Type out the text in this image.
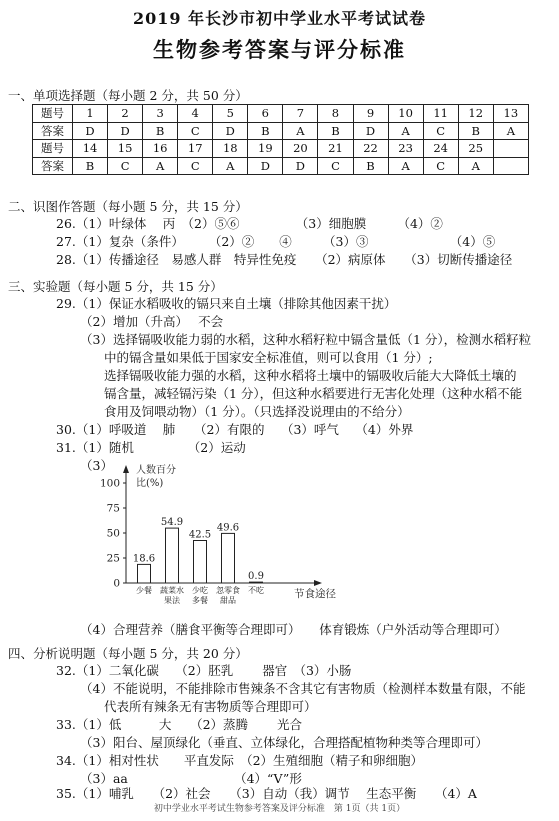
2019 年长沙市初中学业水平考试试卷
生物参考答案与评分标准
一、单项选择题（每小题 2 分，共 50 分）
题号	1	2	3	4	5	6	7	8	9	10	11	12	13
答案	D	D	B	C	D	B	A	B	D	A	C	B	A
题号	14	15	16	17	18	19	20	21	22	23	24	25	
答案	B	C	A	C	A	D	D	C	B	A	C	A	
二、识图作答题（每小题 5 分，共 15 分）
26.（1）叶绿体　 丙　（2）⑤⑥　　　　　（3）细胞膜　　　（4）②
27.（1）复杂（条件）　　　（2）②　　④　　　（3）③　　　　　　　（4）⑤
28.（1）传播途径　易感人群　特异性免疫　　（2）病原体　　（3）切断传播途径
三、实验题（每小题 5 分，共 15 分）
29.（1）保证水稻吸收的镉只来自土壤（排除其他因素干扰）
（2）增加（升高）　 不会
（3）选择镉吸收能力弱的水稻，这种水稻籽粒中镉含量低（1 分），检测水稻籽粒
中的镉含量如果低于国家安全标准值，则可以食用（1 分）;
选择镉吸收能力强的水稻，这种水稻将土壤中的镉吸收后能大大降低土壤的
镉含量，减轻镉污染（1 分），但这种水稻要进行无害化处理（这种水稻不能
食用及饲喂动物）（1 分）。（只选择没说理由的不给分）
30.（1）呼吸道　 肺　　（2）有限的　 （3）呼气　 （4）外界
31.（1）随机　　　　 （2）运动
（3） 人数百分
比(%)
100
75
50
25
0
18.6
少餐
54.9
蔬菜水
果法
42.5
少吃
多餐
49.6
忽零食
甜品
0.9
不吃	节食途径
（4）合理营养（膳食平衡等合理即可）　　体育锻炼（户外活动等合理即可）
四、分析说明题（每小题 5 分，共 20 分）
32.（1）二氧化碳　 （2）胚乳　　 器官　（3）小肠
（4）不能说明，不能排除市售辣条不含其它有害物质（检测样本数量有限，不能
代表所有辣条无有害物质等合理即可）
33.（1）低　　　大　　（2）蒸腾　　 光合
（3）阳台、屋顶绿化（垂直、立体绿化，合理搭配植物种类等合理即可）
34.（1）相对性状　　平直发际　（2）生殖细胞（精子和卵细胞）
（3）aa　　　　　　　　　（4）“V”形
35.（1）哺乳　　（2）社会　　（3）自动（我）调节　 生态平衡　　（4）A
初中学业水平考试生物参考答案及评分标准　第 1页（共 1页）
